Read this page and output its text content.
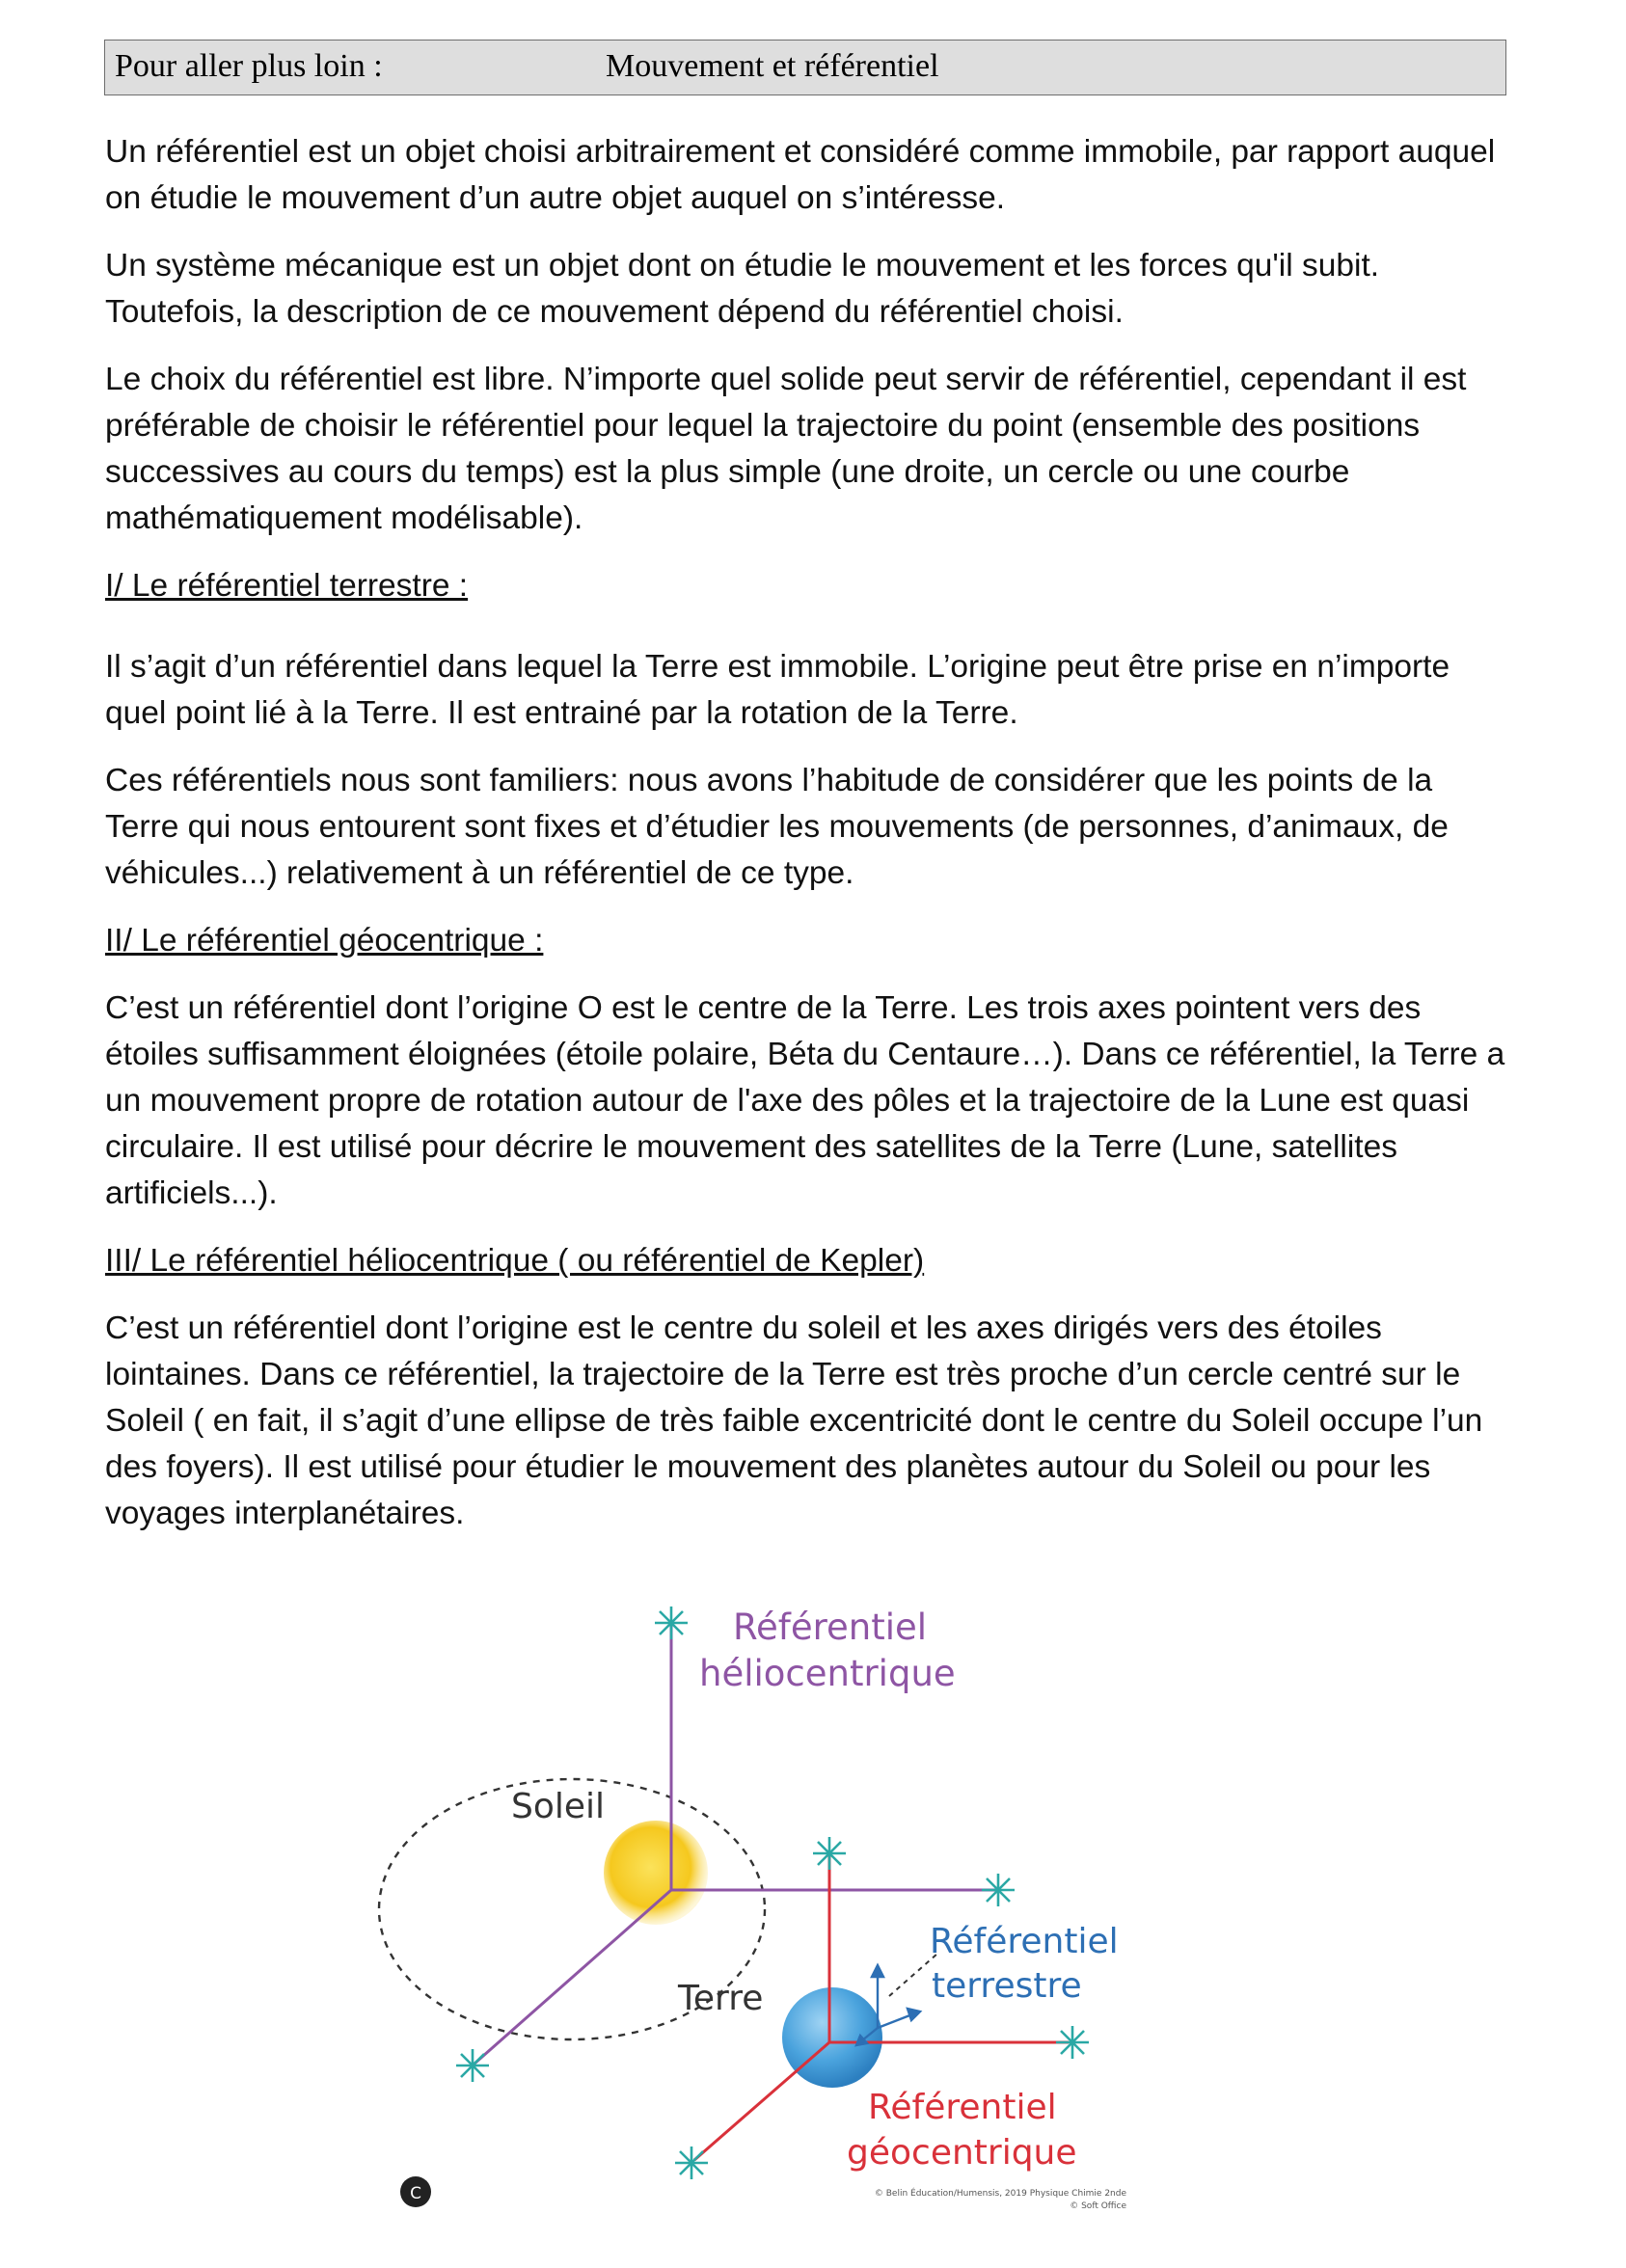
Pour aller plus loin :	Mouvement et référentiel

Un référentiel est un objet choisi arbitrairement et considéré comme immobile, par rapport auquel on étudie le mouvement d’un autre objet auquel on s’intéresse.

Un système mécanique est un objet dont on étudie le mouvement et les forces qu'il subit. Toutefois, la description de ce mouvement dépend du référentiel choisi.

Le choix du référentiel est libre. N’importe quel solide peut servir de référentiel, cependant il est préférable de choisir le référentiel pour lequel la trajectoire du point (ensemble des positions successives au cours du temps) est la plus simple (une droite, un cercle ou une courbe mathématiquement modélisable).

I/ Le référentiel terrestre :

Il s’agit d’un référentiel dans lequel la Terre est immobile. L’origine peut être prise en n’importe quel point lié à la Terre. Il est entrainé par la rotation de la Terre.

Ces référentiels nous sont familiers: nous avons l’habitude de considérer que les points de la Terre qui nous entourent sont fixes et d’étudier les mouvements (de personnes, d’animaux, de véhicules...) relativement à un référentiel de ce type.

II/ Le référentiel géocentrique :

C’est un référentiel dont l’origine O est le centre de la Terre. Les trois axes pointent vers des étoiles suffisamment éloignées (étoile polaire, Béta du Centaure…). Dans ce référentiel, la Terre a un mouvement propre de rotation autour de l'axe des pôles et la trajectoire de la Lune est quasi circulaire. Il est utilisé pour décrire le mouvement des satellites de la Terre (Lune, satellites artificiels...).

III/ Le référentiel héliocentrique ( ou référentiel de Kepler)

C’est un référentiel dont l’origine est le centre du soleil et les axes dirigés vers des étoiles lointaines. Dans ce référentiel, la trajectoire de la Terre est très proche d’un cercle centré sur le Soleil ( en fait, il s’agit d’une ellipse de très faible excentricité dont le centre du Soleil occupe l’un des foyers). Il est utilisé pour étudier le mouvement des planètes autour du Soleil ou pour les voyages interplanétaires.

Référentiel
héliocentrique
Soleil
Terre
Référentiel
terrestre
Référentiel
géocentrique
© Belin Éducation/Humensis, 2019 Physique Chimie 2nde
© Soft Office
C
